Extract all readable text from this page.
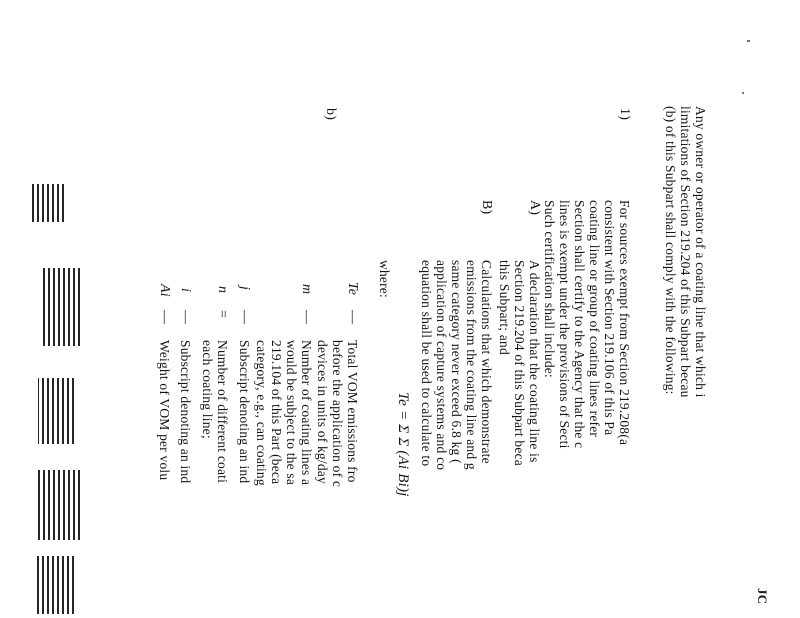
JC
Any owner or operator of a coating line that which i
limitations of Section 219.204 of this Subpart becau
(b) of this Subpart shall comply with the following:
1)
For sources exempt from Section 219.208(a
consistent with Section 219.106 of this Pa
coating line or group of coating lines refer
Section shall certify to the Agency that the c
lines is exempt under the provisions of Secti
Such certification shall include:
A)
A declaration that the coating line is
Section 219.204 of this Subpart beca
this Subpart; and
B)
Calculations that which demonstrate
emissions from the coating line and g
same category never exceed 6.8 kg (
application of capture systems and co
equation shall be used to calculate to
where:
Te = Σ Σ (Ai Bi)j
Te
—
Total VOM emissions fro
before the application of c
devices in units of kg/day
m
—
Number of coating lines a
would be subject to the sa
219.104 of this Part (beca
category, e.g., can coating
j
—
Subscript denoting an ind
n
=
Number of different coati
each coating line;
i
—
Subscript denoting an ind
Ai
—
Weight of VOM per volu
b)
